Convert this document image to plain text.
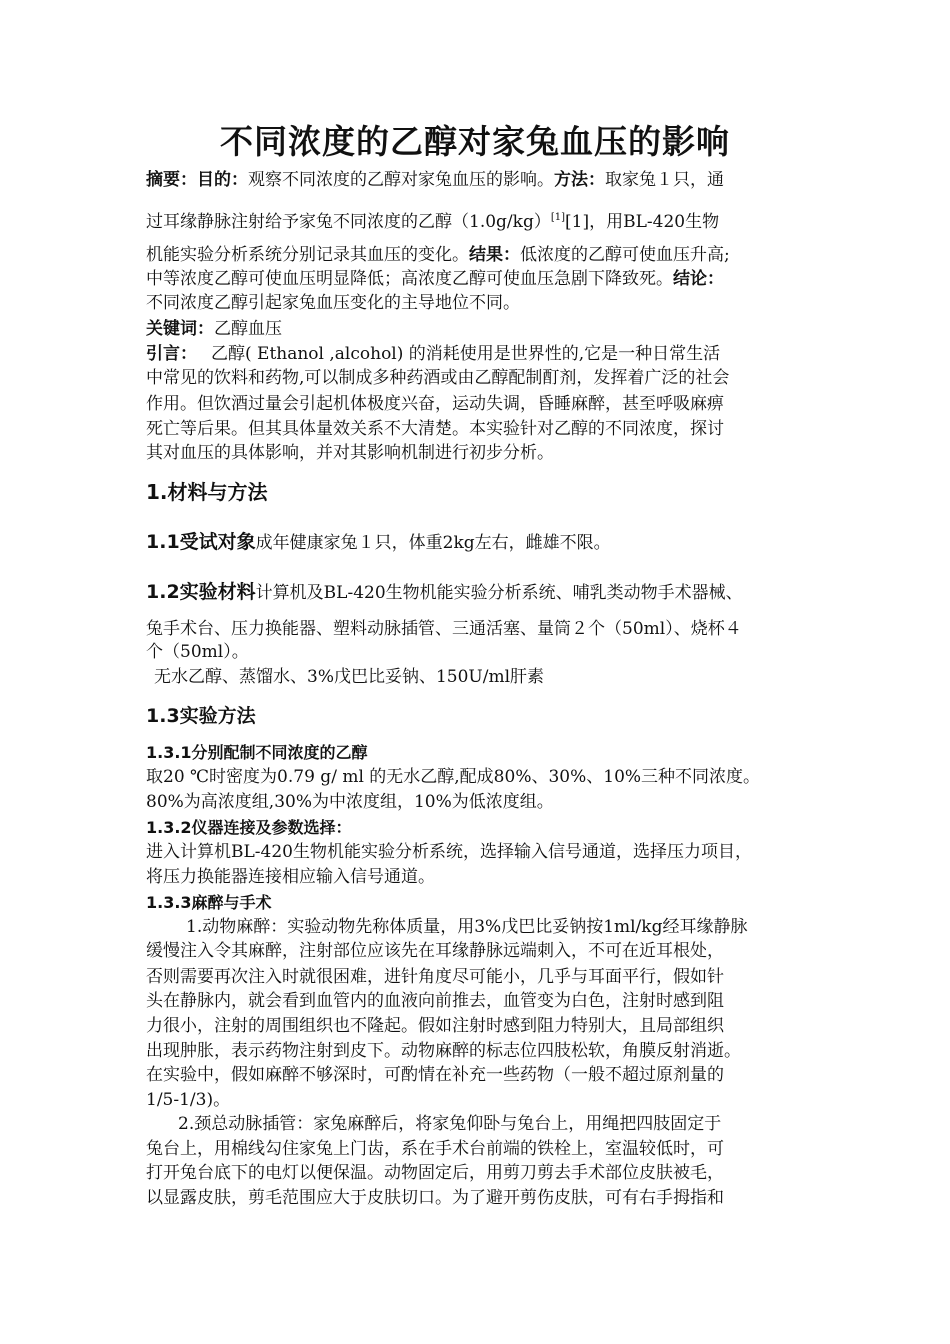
不同浓度的乙醇对家兔血压的影响
摘要：目的：观察不同浓度的乙醇对家兔血压的影响。方法：取家兔１只，通
过耳缘静脉注射给予家兔不同浓度的乙醇（1.0g/kg）[1][1]，用BL-420生物
机能实验分析系统分别记录其血压的变化。结果：低浓度的乙醇可使血压升高;
中等浓度乙醇可使血压明显降低；高浓度乙醇可使血压急剧下降致死。结论：
不同浓度乙醇引起家兔血压变化的主导地位不同。
关键词：乙醇血压
引言： 乙醇( Ethanol ,alcohol) 的消耗使用是世界性的,它是一种日常生活
中常见的饮料和药物,可以制成多种药酒或由乙醇配制酊剂，发挥着广泛的社会
作用。但饮酒过量会引起机体极度兴奋，运动失调，昏睡麻醉，甚至呼吸麻痹
死亡等后果。但其具体量效关系不大清楚。本实验针对乙醇的不同浓度，探讨
其对血压的具体影响，并对其影响机制进行初步分析。
1.材料与方法
1.1受试对象成年健康家兔１只，体重2kg左右，雌雄不限。
1.2实验材料计算机及BL-420生物机能实验分析系统、哺乳类动物手术器械、
兔手术台、压力换能器、塑料动脉插管、三通活塞、量筒２个（50ml）、烧杯４
个（50ml）。
无水乙醇、蒸馏水、3%戊巴比妥钠、150U/ml肝素
1.3实验方法
1.3.1分别配制不同浓度的乙醇
取20 ℃时密度为0.79 g/ ml 的无水乙醇,配成80%、30%、10%三种不同浓度。
80%为高浓度组,30%为中浓度组，10%为低浓度组。
1.3.2仪器连接及参数选择：
进入计算机BL-420生物机能实验分析系统，选择输入信号通道，选择压力项目，
将压力换能器连接相应输入信号通道。
1.3.3麻醉与手术
1.动物麻醉：实验动物先称体质量，用3%戊巴比妥钠按1ml/kg经耳缘静脉
缓慢注入令其麻醉，注射部位应该先在耳缘静脉远端刺入，不可在近耳根处，
否则需要再次注入时就很困难，进针角度尽可能小，几乎与耳面平行，假如针
头在静脉内，就会看到血管内的血液向前推去，血管变为白色，注射时感到阻
力很小，注射的周围组织也不隆起。假如注射时感到阻力特别大，且局部组织
出现肿胀，表示药物注射到皮下。动物麻醉的标志位四肢松软，角膜反射消逝。
在实验中，假如麻醉不够深时，可酌情在补充一些药物（一般不超过原剂量的
1/5-1/3)。
2.颈总动脉插管：家兔麻醉后，将家兔仰卧与兔台上，用绳把四肢固定于
兔台上，用棉线勾住家兔上门齿，系在手术台前端的铁栓上，室温较低时，可
打开兔台底下的电灯以便保温。动物固定后，用剪刀剪去手术部位皮肤被毛，
以显露皮肤，剪毛范围应大于皮肤切口。为了避开剪伤皮肤，可有右手拇指和
